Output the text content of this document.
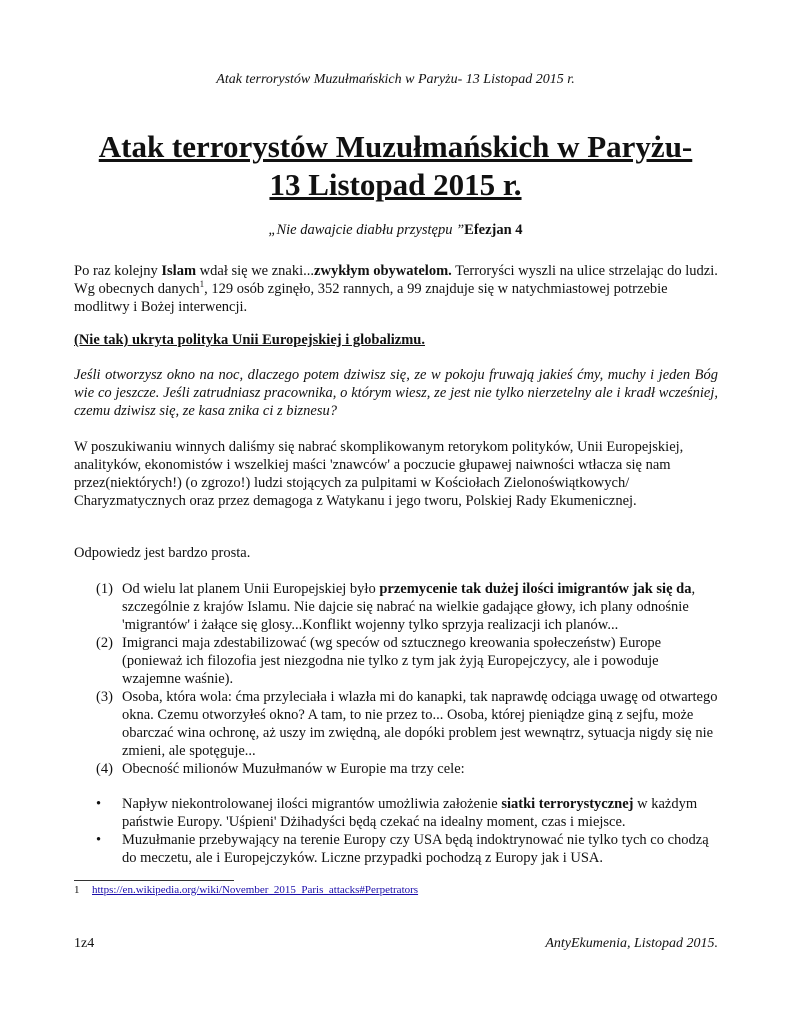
Atak terrorystów Muzułmańskich w Paryżu- 13 Listopad 2015 r.
Atak terrorystów Muzułmańskich w Paryżu-
13 Listopad 2015 r.
„Nie dawajcie diabłu przystępu ”Efezjan 4
Po raz kolejny Islam wdał się we znaki...zwykłym obywatelom. Terroryści wyszli na ulice strzelając do ludzi. Wg obecnych danych$^1$, 129 osób zginęło, 352 rannych, a 99 znajduje się w natychmiastowej potrzebie modlitwy i Bożej interwencji.
(Nie tak) ukryta polityka Unii Europejskiej i globalizmu.
Jeśli otworzysz okno na noc, dlaczego potem dziwisz się, ze w pokoju fruwają jakieś ćmy, muchy i jeden Bóg wie co jeszcze. Jeśli zatrudniasz pracownika, o którym wiesz, ze jest nie tylko nierzetelny ale i kradł wcześniej, czemu dziwisz się, ze kasa znika ci z biznesu?
W poszukiwaniu winnych daliśmy się nabrać skomplikowanym retorykom polityków, Unii Europejskiej, analityków, ekonomistów i wszelkiej maści 'znawców' a poczucie głupawej naiwności wtłacza się nam przez(niektórych!) (o zgrozo!) ludzi stojących za pulpitami w Kościołach Zielonoświątkowych/ Charyzmatycznych oraz przez demagoga z Watykanu i jego tworu, Polskiej Rady Ekumenicznej.
Odpowiedz jest bardzo prosta.
(1) Od wielu lat planem Unii Europejskiej było przemycenie tak dużej ilości imigrantów jak się da, szczególnie z krajów Islamu. Nie dajcie się nabrać na wielkie gadające głowy, ich plany odnośnie 'migrantów' i żałące się glosy...Konflikt wojenny tylko sprzyja realizacji ich planów...
(2) Imigranci maja zdestabilizować (wg speców od sztucznego kreowania społeczeństw) Europe (ponieważ ich filozofia jest niezgodna nie tylko z tym jak żyją Europejczycy, ale i powoduje wzajemne waśnie).
(3) Osoba, która wola: ćma przyleciała i wlazła mi do kanapki, tak naprawdę odciąga uwagę od otwartego okna. Czemu otworzyłeś okno? A tam, to nie przez to... Osoba, której pieniądze giną z sejfu, może obarczać wina ochronę, aż uszy im zwiędną, ale dopóki problem jest wewnątrz, sytuacja nigdy się nie zmieni, ale spotęguje...
(4) Obecność milionów Muzułmanów w Europie ma trzy cele:
• Napływ niekontrolowanej ilości migrantów umożliwia założenie siatki terrorystycznej w każdym państwie Europy. 'Uśpieni' Dżihadyści będą czekać na idealny moment, czas i miejsce.
• Muzułmanie przebywający na terenie Europy czy USA będą indoktrynować nie tylko tych co chodzą do meczetu, ale i Europejczyków. Liczne przypadki pochodzą z Europy jak i USA.
1 https://en.wikipedia.org/wiki/November_2015_Paris_attacks#Perpetrators
1z4	AntyEkumenia, Listopad 2015.
